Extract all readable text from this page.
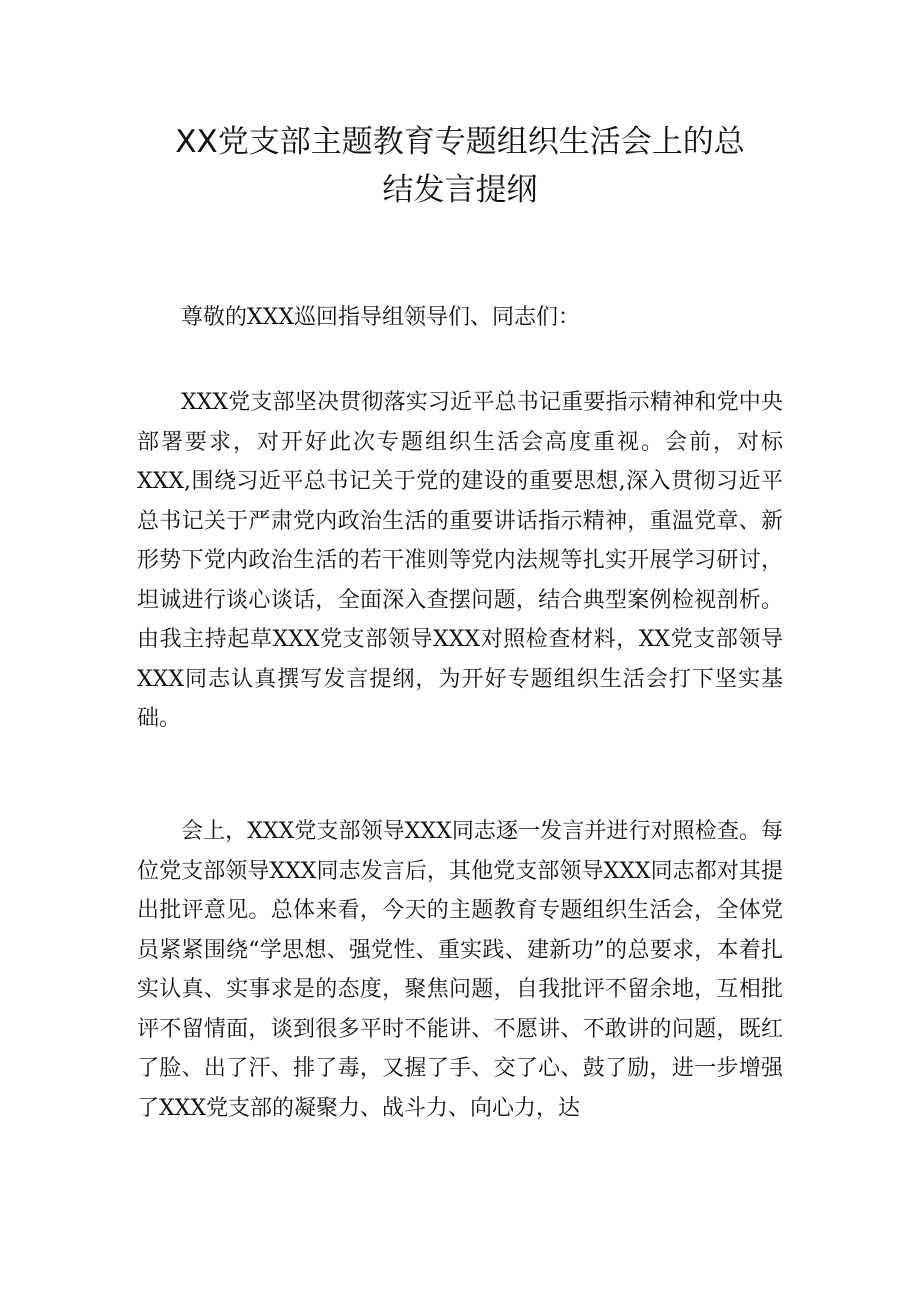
XX党支部主题教育专题组织生活会上的总
结发言提纲

尊敬的XXX巡回指导组领导们、同志们：

XXX党支部坚决贯彻落实习近平总书记重要指示精神和党中央部署要求，对开好此次专题组织生活会高度重视。会前，对标XXX,围绕习近平总书记关于党的建设的重要思想,深入贯彻习近平总书记关于严肃党内政治生活的重要讲话指示精神，重温党章、新形势下党内政治生活的若干准则等党内法规等扎实开展学习研讨，坦诚进行谈心谈话，全面深入查摆问题，结合典型案例检视剖析。由我主持起草XXX党支部领导XXX对照检查材料，XX党支部领导XXX同志认真撰写发言提纲，为开好专题组织生活会打下坚实基础。

会上，XXX党支部领导XXX同志逐一发言并进行对照检查。每位党支部领导XXX同志发言后，其他党支部领导XXX同志都对其提出批评意见。总体来看，今天的主题教育专题组织生活会，全体党员紧紧围绕“学思想、强党性、重实践、建新功”的总要求，本着扎实认真、实事求是的态度，聚焦问题，自我批评不留余地，互相批评不留情面，谈到很多平时不能讲、不愿讲、不敢讲的问题，既红了脸、出了汗、排了毒，又握了手、交了心、鼓了励，进一步增强了XXX党支部的凝聚力、战斗力、向心力，达
